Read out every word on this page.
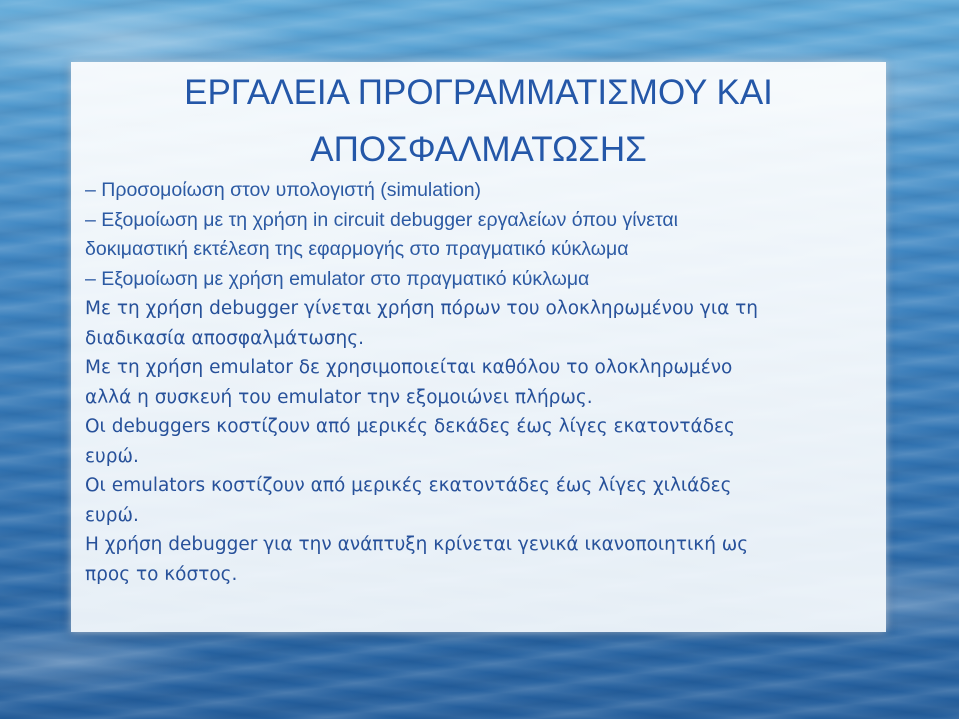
ΕΡΓΑΛΕΙΑ ΠΡΟΓΡΑΜΜΑΤΙΣΜΟΥ ΚΑΙ
ΑΠΟΣΦΑΛΜΑΤΩΣΗΣ
– Προσομοίωση στον υπολογιστή (simulation)
– Εξομοίωση με τη χρήση in circuit debugger εργαλείων όπου γίνεται
δοκιμαστική εκτέλεση της εφαρμογής στο πραγματικό κύκλωμα
– Εξομοίωση με χρήση emulator στο πραγματικό κύκλωμα
Με τη χρήση debugger γίνεται χρήση πόρων του ολοκληρωμένου για τη
διαδικασία αποσφαλμάτωσης.
Με τη χρήση emulator δε χρησιμοποιείται καθόλου το ολοκληρωμένο
αλλά η συσκευή του emulator την εξομοιώνει πλήρως.
Οι debuggers κοστίζουν από μερικές δεκάδες έως λίγες εκατοντάδες
ευρώ.
Οι emulators κοστίζουν από μερικές εκατοντάδες έως λίγες χιλιάδες
ευρώ.
Η χρήση debugger για την ανάπτυξη κρίνεται γενικά ικανοποιητική ως
προς το κόστος.
